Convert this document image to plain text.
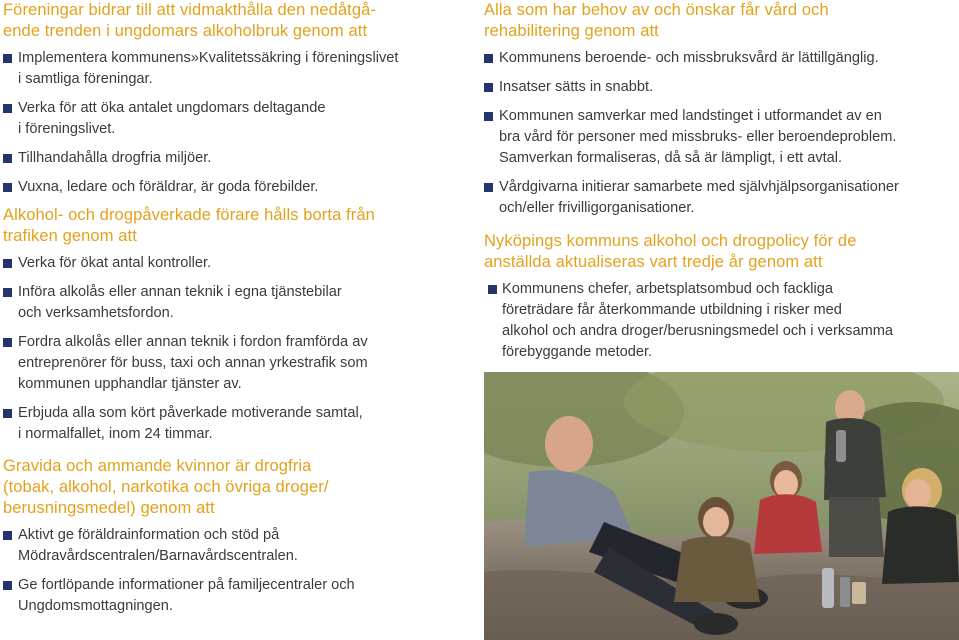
Föreningar bidrar till att vidmakthålla den nedåtgå-
ende trenden i ungdomars alkoholbruk genom att
Implementera kommunens»Kvalitetssäkring i föreningslivet
i samtliga föreningar.
Verka för att öka antalet ungdomars deltagande
i föreningslivet.
Tillhandahålla drogfria miljöer.
Vuxna, ledare och föräldrar, är goda förebilder.
Alkohol- och drogpåverkade förare hålls borta från
trafiken genom att
Verka för ökat antal kontroller.
Införa alkolås eller annan teknik i egna tjänstebilar
och verksamhetsfordon.
Fordra alkolås eller annan teknik i fordon framförda av
entreprenörer för buss, taxi och annan yrkestrafik som
kommunen upphandlar tjänster av.
Erbjuda alla som kört påverkade motiverande samtal,
i normalfallet, inom 24 timmar.
Gravida och ammande kvinnor är drogfria
(tobak, alkohol, narkotika och övriga droger/
berusningsmedel) genom att
Aktivt ge föräldrainformation och stöd på
Mödravårdscentralen/Barnavårdscentralen.
Ge fortlöpande informationer på familjecentraler och
Ungdomsmottagningen.
Alla som har behov av och önskar får vård och
rehabilitering genom att
Kommunens beroende- och missbruksvård är lättillgänglig.
Insatser sätts in snabbt.
Kommunen samverkar med landstinget i utformandet av en
bra vård för personer med missbruks- eller beroendeproblem.
Samverkan formaliseras, då så är lämpligt, i ett avtal.
Vårdgivarna initierar samarbete med självhjälpsorganisationer
och/eller frivilligorganisationer.
Nyköpings kommuns alkohol och drogpolicy för de
anställda aktualiseras vart tredje år genom att
Kommunens chefer, arbetsplatsombud och fackliga
företrädare får återkommande utbildning i risker med
alkohol och andra droger/berusningsmedel och i verksamma
förebyggande metoder.
